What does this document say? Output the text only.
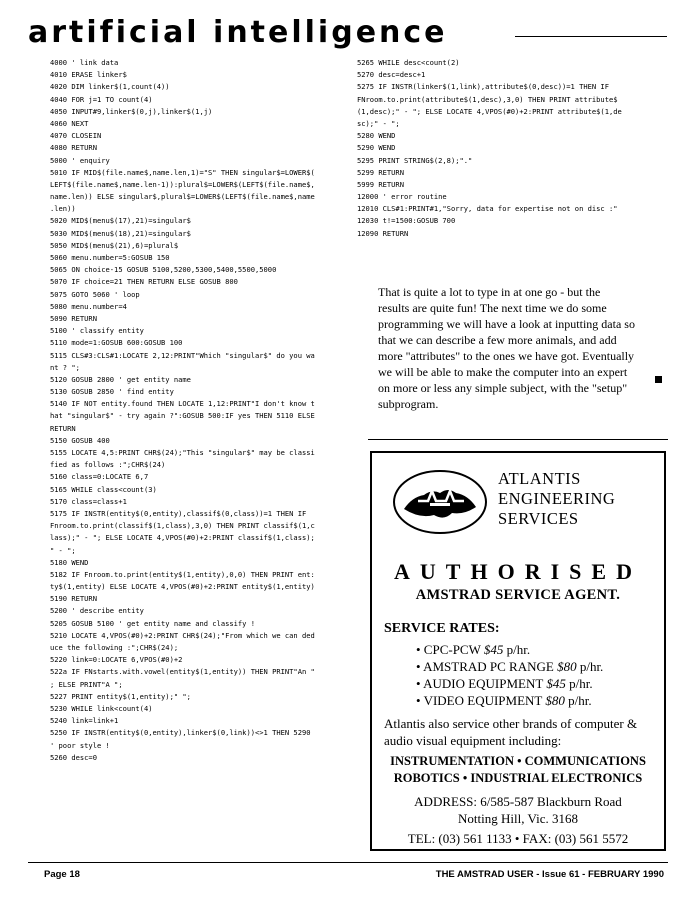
artificial intelligence
4000 ' link data
4010 ERASE linker$
4020 DIM linker$(1,count(4))
4040 FOR j=1 TO count(4)
4050 INPUT#9,linker$(0,j),linker$(1,j)
4060 NEXT
4070 CLOSEIN
4080 RETURN
5000 ' enquiry
5010 IF MID$(file.name$,name.len,1)="S" THEN singular$=LOWER$(
LEFT$(file.name$,name.len-1)):plural$=LOWER$(LEFT$(file.name$,
name.len)) ELSE singular$,plural$=LOWER$(LEFT$(file.name$,name
.len))
5020 MID$(menu$(17),21)=singular$
5030 MID$(menu$(18),21)=singular$
5050 MID$(menu$(21),6)=plural$
5060 menu.number=5:GOSUB 150
5065 ON choice-15 GOSUB 5100,5200,5300,5400,5500,5000
5070 IF choice=21 THEN RETURN ELSE GOSUB 800
5075 GOTO 5060 ' loop
5080 menu.number=4
5090 RETURN
5100 ' classify entity
5110 mode=1:GOSUB 600:GOSUB 100
5115 CLS#3:CLS#1:LOCATE 2,12:PRINT"Which "singular$" do you wa
nt ? ";
5120 GOSUB 2800 ' get entity name
5130 GOSUB 2850 ' find entity
5140 IF NOT entity.found THEN LOCATE 1,12:PRINT"I don't know t
hat "singular$" - try again ?":GOSUB 500:IF yes THEN 5110 ELSE
RETURN
5150 GOSUB 400
5155 LOCATE 4,5:PRINT CHR$(24);"This "singular$" may be classi
fied as follows :";CHR$(24)
5160 class=0:LOCATE 6,7
5165 WHILE class<count(3)
5170 class=class+1
5175 IF INSTR(entity$(0,entity),classif$(0,class))=1 THEN IF
Fnroom.to.print(classif$(1,class),3,0) THEN PRINT classif$(1,c
lass);" - "; ELSE LOCATE 4,VPOS(#0)+2:PRINT classif$(1,class);
" - ";
5180 WEND
5182 IF Fnroom.to.print(entity$(1,entity),0,0) THEN PRINT ent:
ty$(1,entity) ELSE LOCATE 4,VPOS(#0)+2:PRINT entity$(1,entity)
5190 RETURN
5200 ' describe entity
5205 GOSUB 5100 ' get entity name and classify !
5210 LOCATE 4,VPOS(#0)+2:PRINT CHR$(24);"From which we can ded
uce the following :";CHR$(24);
5220 link=0:LOCATE 6,VPOS(#0)+2
522a IF FNstarts.with.vowel(entity$(1,entity)) THEN PRINT"An "
; ELSE PRINT"A ";
5227 PRINT entity$(1,entity);" ";
5230 WHILE link<count(4)
5240 link=link+1
5250 IF INSTR(entity$(0,entity),linker$(0,link))<>1 THEN 5290
' poor style !
5260 desc=0
5265 WHILE desc<count(2)
5270 desc=desc+1
5275 IF INSTR(linker$(1,link),attribute$(0,desc))=1 THEN IF
FNroom.to.print(attribute$(1,desc),3,0) THEN PRINT attribute$
(1,desc);" - "; ELSE LOCATE 4,VPOS(#0)+2:PRINT attribute$(1,de
sc);" - ";
5280 WEND
5290 WEND
5295 PRINT STRING$(2,8);"."
5299 RETURN
5999 RETURN
12000 ' error routine
12010 CLS#1:PRINT#1,"Sorry, data for expertise not on disc :"
12030 t!=1500:GOSUB 700
12090 RETURN
That is quite a lot to type in at one go - but the
results are quite fun! The next time we do some
programming we will have a look at inputting data so
that we can describe a few more animals, and add
more "attributes" to the ones we have got. Eventually
we will be able to make the computer into an expert
on more or less any simple subject, with the "setup"
subprogram.
ATLANTIS
ENGINEERING
SERVICES
AUTHORISED
AMSTRAD SERVICE AGENT.
SERVICE RATES:
• CPC-PCW $45 p/hr.
• AMSTRAD PC RANGE $80 p/hr.
• AUDIO EQUIPMENT $45 p/hr.
• VIDEO EQUIPMENT $80 p/hr.
Atlantis also service other brands of computer &
audio visual equipment including:
INSTRUMENTATION • COMMUNICATIONS
ROBOTICS • INDUSTRIAL ELECTRONICS
ADDRESS: 6/585-587 Blackburn Road
Notting Hill, Vic. 3168
TEL: (03) 561 1133 • FAX: (03) 561 5572
Page 18	THE AMSTRAD USER - Issue 61 - FEBRUARY 1990
